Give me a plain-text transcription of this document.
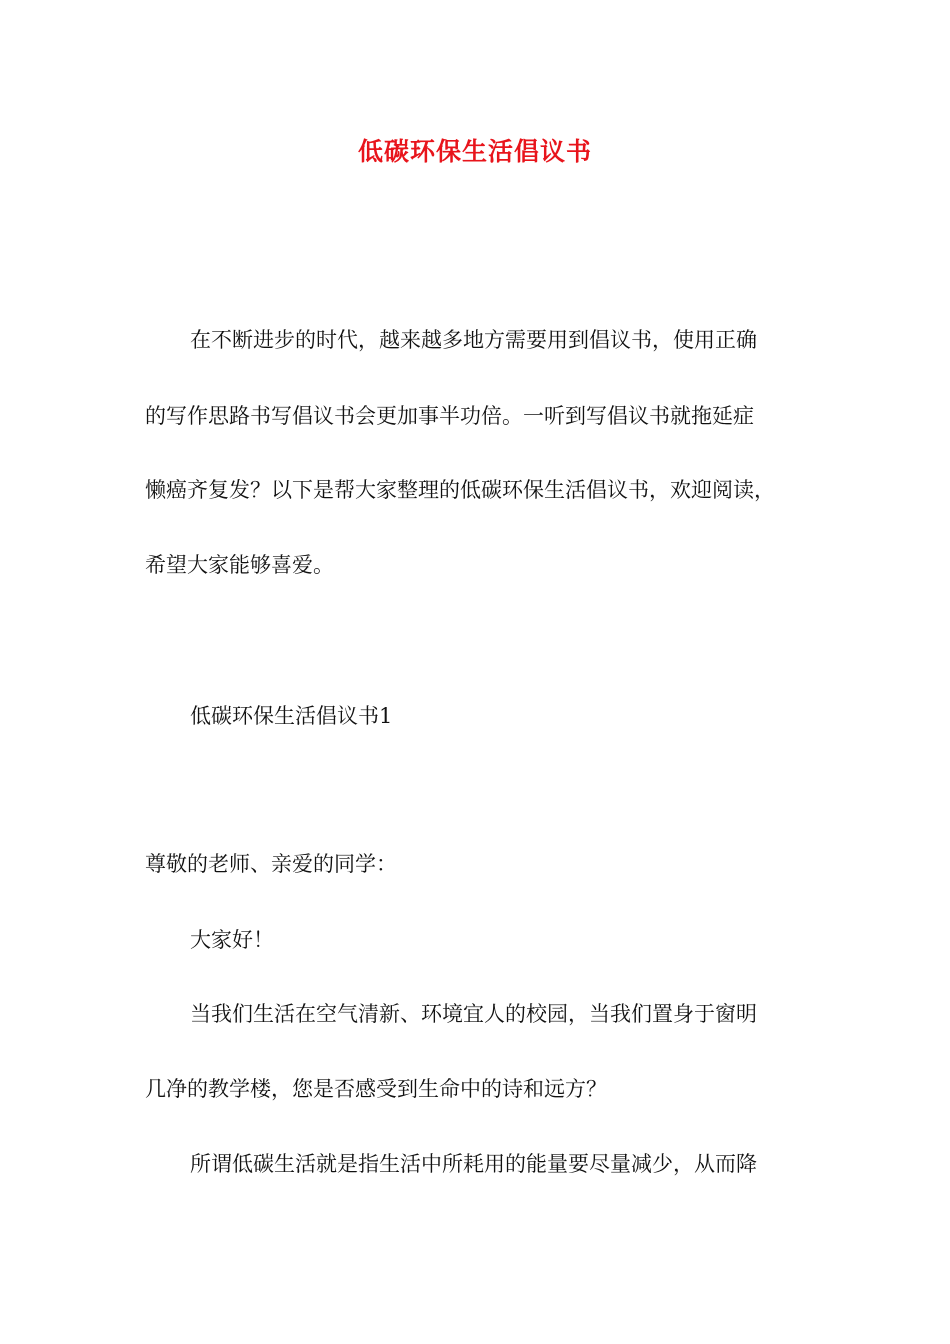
低碳环保生活倡议书
在不断进步的时代，越来越多地方需要用到倡议书，使用正确
的写作思路书写倡议书会更加事半功倍。一听到写倡议书就拖延症
懒癌齐复发？以下是帮大家整理的低碳环保生活倡议书，欢迎阅读，
希望大家能够喜爱。
低碳环保生活倡议书1
尊敬的老师、亲爱的同学：
大家好！
当我们生活在空气清新、环境宜人的校园，当我们置身于窗明
几净的教学楼，您是否感受到生命中的诗和远方？
所谓低碳生活就是指生活中所耗用的能量要尽量减少，从而降
